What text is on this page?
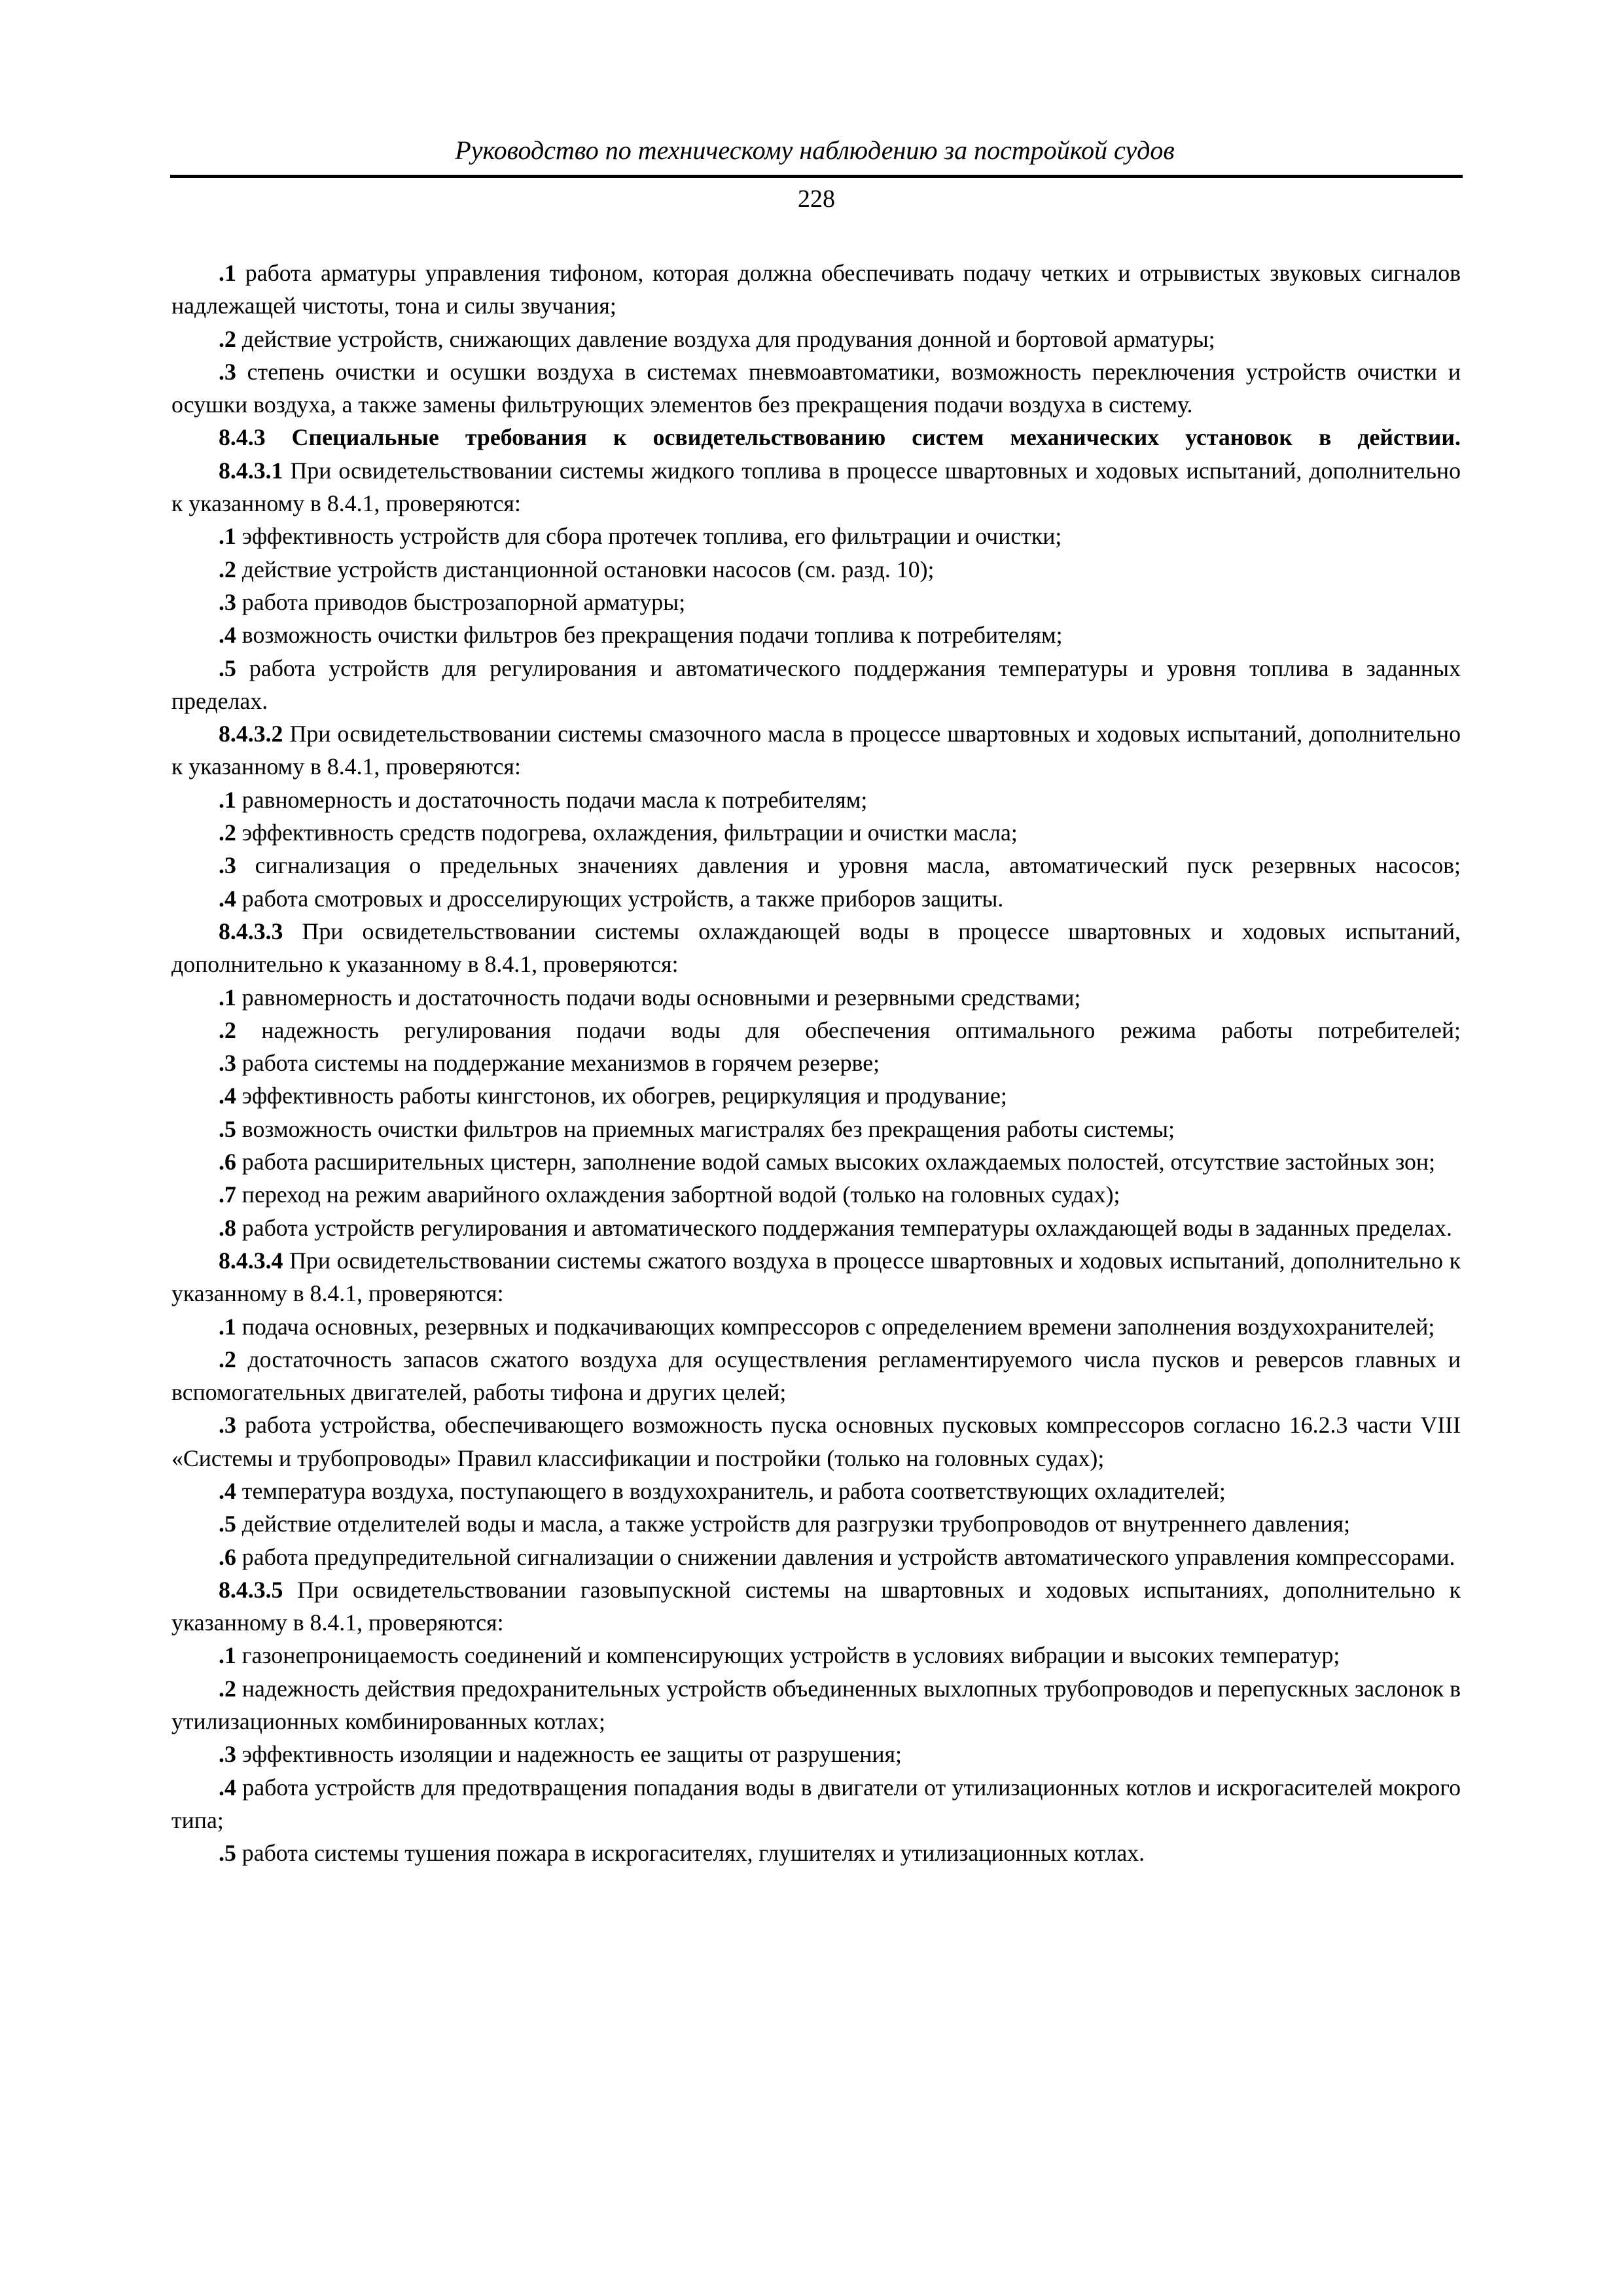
Руководство по техническому наблюдению за постройкой судов
228

.1 работа арматуры управления тифоном, которая должна обеспечивать подачу четких и отрывистых звуковых сигналов надлежащей чистоты, тона и силы звучания;

.2 действие устройств, снижающих давление воздуха для продувания донной и бортовой арматуры;

.3 степень очистки и осушки воздуха в системах пневмоавтоматики, возможность переключения устройств очистки и осушки воздуха, а также замены фильтрующих элементов без прекращения подачи воздуха в систему.

8.4.3 Специальные требования к освидетельствованию систем механических установок в действии.

8.4.3.1 При освидетельствовании системы жидкого топлива в процессе швартовных и ходовых испытаний, дополнительно к указанному в 8.4.1, проверяются:

.1 эффективность устройств для сбора протечек топлива, его фильтрации и очистки;

.2 действие устройств дистанционной остановки насосов (см. разд. 10);

.3 работа приводов быстрозапорной арматуры;

.4 возможность очистки фильтров без прекращения подачи топлива к потребителям;

.5 работа устройств для регулирования и автоматического поддержания температуры и уровня топлива в заданных пределах.

8.4.3.2 При освидетельствовании системы смазочного масла в процессе швартовных и ходовых испытаний, дополнительно к указанному в 8.4.1, проверяются:

.1 равномерность и достаточность подачи масла к потребителям;

.2 эффективность средств подогрева, охлаждения, фильтрации и очистки масла;

.3 сигнализация о предельных значениях давления и уровня масла, автоматический пуск резервных насосов;

.4 работа смотровых и дросселирующих устройств, а также приборов защиты.

8.4.3.3 При освидетельствовании системы охлаждающей воды в процессе швартовных и ходовых испытаний, дополнительно к указанному в 8.4.1, проверяются:

.1 равномерность и достаточность подачи воды основными и резервными средствами;

.2 надежность регулирования подачи воды для обеспечения оптимального режима работы потребителей;

.3 работа системы на поддержание механизмов в горячем резерве;

.4 эффективность работы кингстонов, их обогрев, рециркуляция и продувание;

.5 возможность очистки фильтров на приемных магистралях без прекращения работы системы;

.6 работа расширительных цистерн, заполнение водой самых высоких охлаждаемых полостей, отсутствие застойных зон;

.7 переход на режим аварийного охлаждения забортной водой (только на головных судах);

.8 работа устройств регулирования и автоматического поддержания температуры охлаждающей воды в заданных пределах.

8.4.3.4 При освидетельствовании системы сжатого воздуха в процессе швартовных и ходовых испытаний, дополнительно к указанному в 8.4.1, проверяются:

.1 подача основных, резервных и подкачивающих компрессоров с определением времени заполнения воздухохранителей;

.2 достаточность запасов сжатого воздуха для осуществления регламентируемого числа пусков и реверсов главных и вспомогательных двигателей, работы тифона и других целей;

.3 работа устройства, обеспечивающего возможность пуска основных пусковых компрессоров согласно 16.2.3 части VIII «Системы и трубопроводы» Правил классификации и постройки (только на головных судах);

.4 температура воздуха, поступающего в воздухохранитель, и работа соответствующих охладителей;

.5 действие отделителей воды и масла, а также устройств для разгрузки трубопроводов от внутреннего давления;

.6 работа предупредительной сигнализации о снижении давления и устройств автоматического управления компрессорами.

8.4.3.5 При освидетельствовании газовыпускной системы на швартовных и ходовых испытаниях, дополнительно к указанному в 8.4.1, проверяются:

.1 газонепроницаемость соединений и компенсирующих устройств в условиях вибрации и высоких температур;

.2 надежность действия предохранительных устройств объединенных выхлопных трубопроводов и перепускных заслонок в утилизационных комбинированных котлах;

.3 эффективность изоляции и надежность ее защиты от разрушения;

.4 работа устройств для предотвращения попадания воды в двигатели от утилизационных котлов и искрогасителей мокрого типа;

.5 работа системы тушения пожара в искрогасителях, глушителях и утилизационных котлах.
